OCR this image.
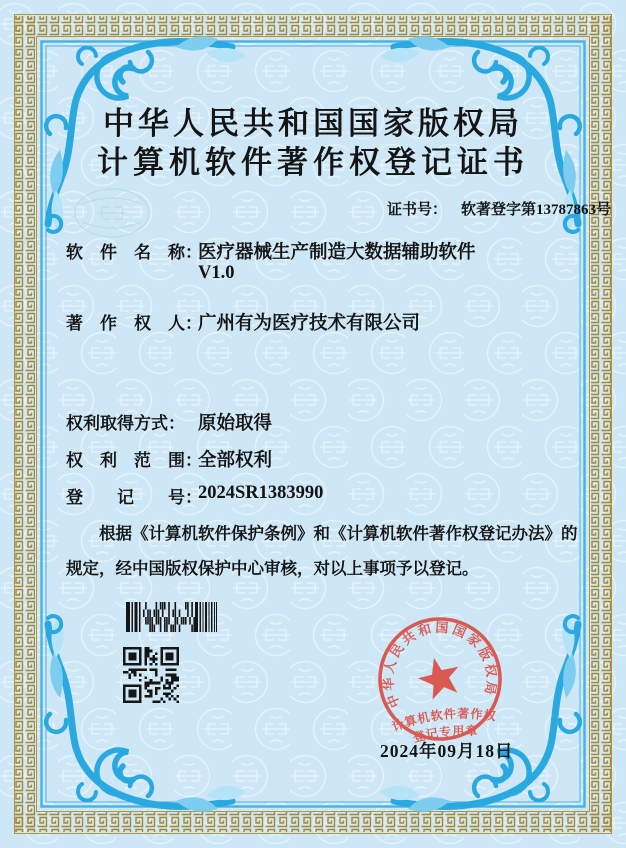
中华人民共和国国家版权局
计算机软件著作权登记证书
证书号： 软著登字第13787863号
软　件　名　称：
医疗器械生产制造大数据辅助软件
V1.0
著　作　权　人：
广州有为医疗技术有限公司
权利取得方式： 原始取得
权　利　范　围：
全部权利
登　　记　　号：
2024SR1383990
根据《计算机软件保护条例》和《计算机软件著作权登记办法》的
规定，经中国版权保护中心审核，对以上事项予以登记。
中华人民共和国国家版权局
计算机软件著作权
登记专用章
2024年09月18日
